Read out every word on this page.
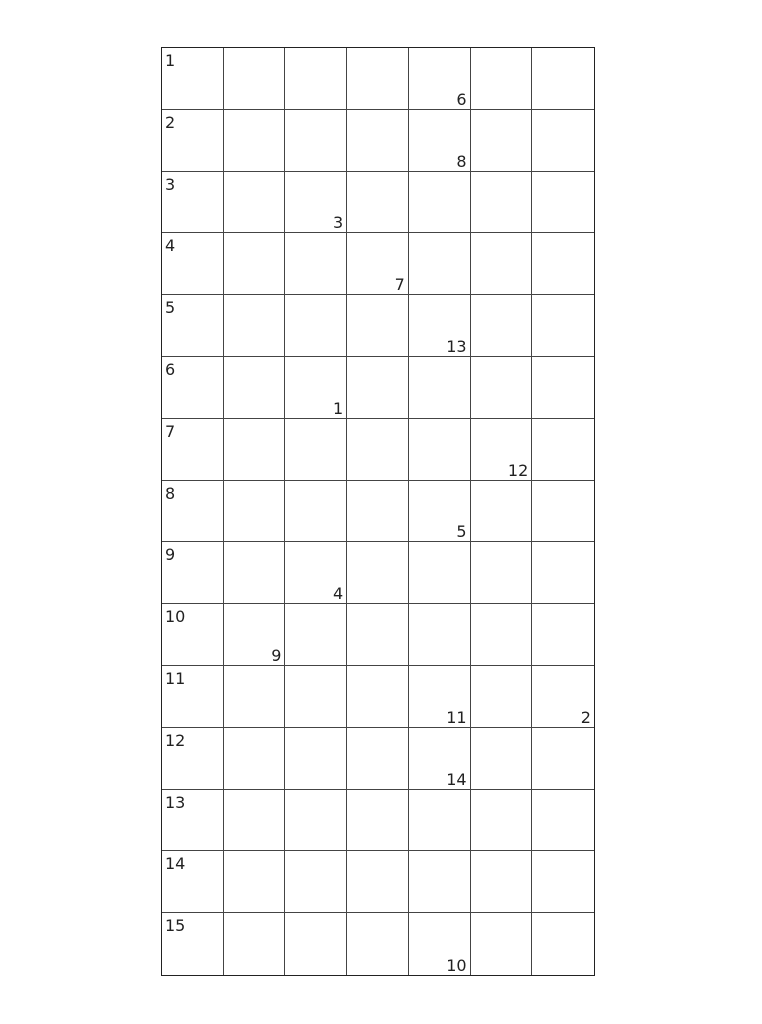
1
6
2
8
3
3
4
7
5
13
6
1
7
12
8
5
9
4
10
9
11
11	2
12
14
13
14
15
10
